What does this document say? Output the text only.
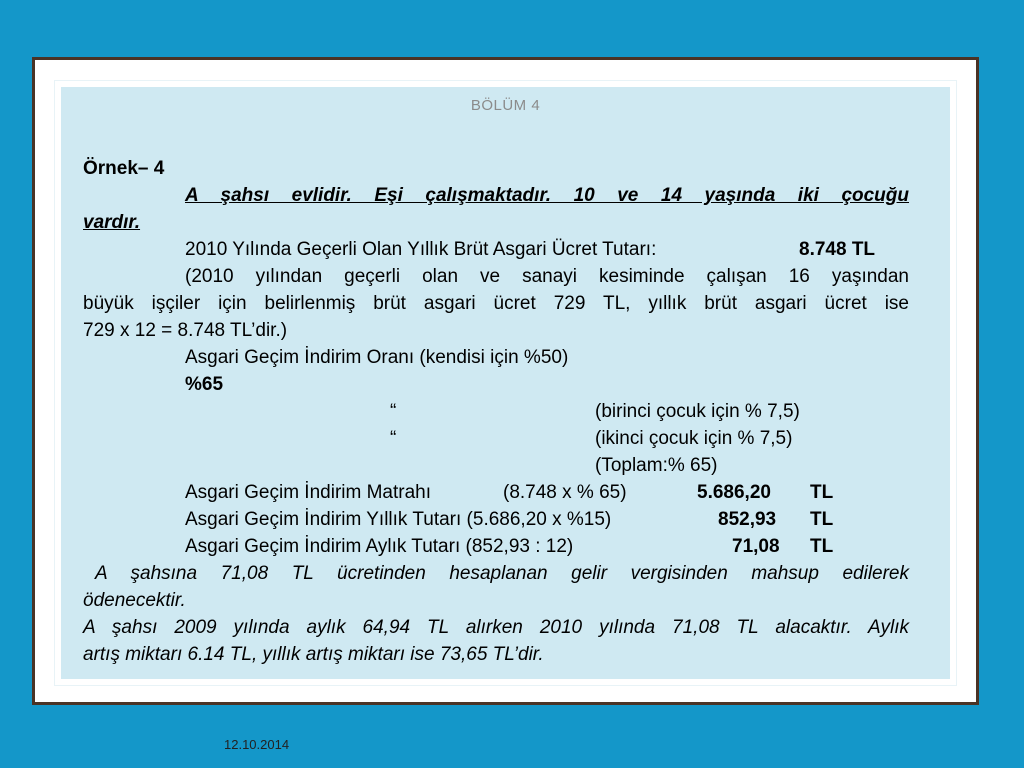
BÖLÜM 4
Örnek– 4
A şahsı evlidir. Eşi çalışmaktadır. 10 ve 14 yaşında iki çocuğu
vardır.
2010 Yılında Geçerli Olan Yıllık Brüt Asgari Ücret Tutarı:	8.748 TL
(2010 yılından geçerli olan ve sanayi kesiminde çalışan 16 yaşından
büyük işçiler için belirlenmiş brüt asgari ücret 729 TL, yıllık brüt asgari ücret ise
729 x 12 = 8.748 TL’dir.)
Asgari Geçim İndirim Oranı (kendisi için %50)
%65
“	(birinci çocuk için % 7,5)
“	(ikinci çocuk için % 7,5)
(Toplam:% 65)
Asgari Geçim İndirim Matrahı	(8.748 x % 65)	5.686,20 TL
Asgari Geçim İndirim Yıllık Tutarı (5.686,20 x %15)	852,93 TL
Asgari Geçim İndirim Aylık Tutarı (852,93 : 12)	71,08 TL
A şahsına 71,08 TL ücretinden hesaplanan gelir vergisinden mahsup edilerek
ödenecektir.
A şahsı 2009 yılında aylık 64,94 TL alırken 2010 yılında 71,08 TL alacaktır. Aylık
artış miktarı 6.14 TL, yıllık artış miktarı ise 73,65 TL’dir.
12.10.2014
